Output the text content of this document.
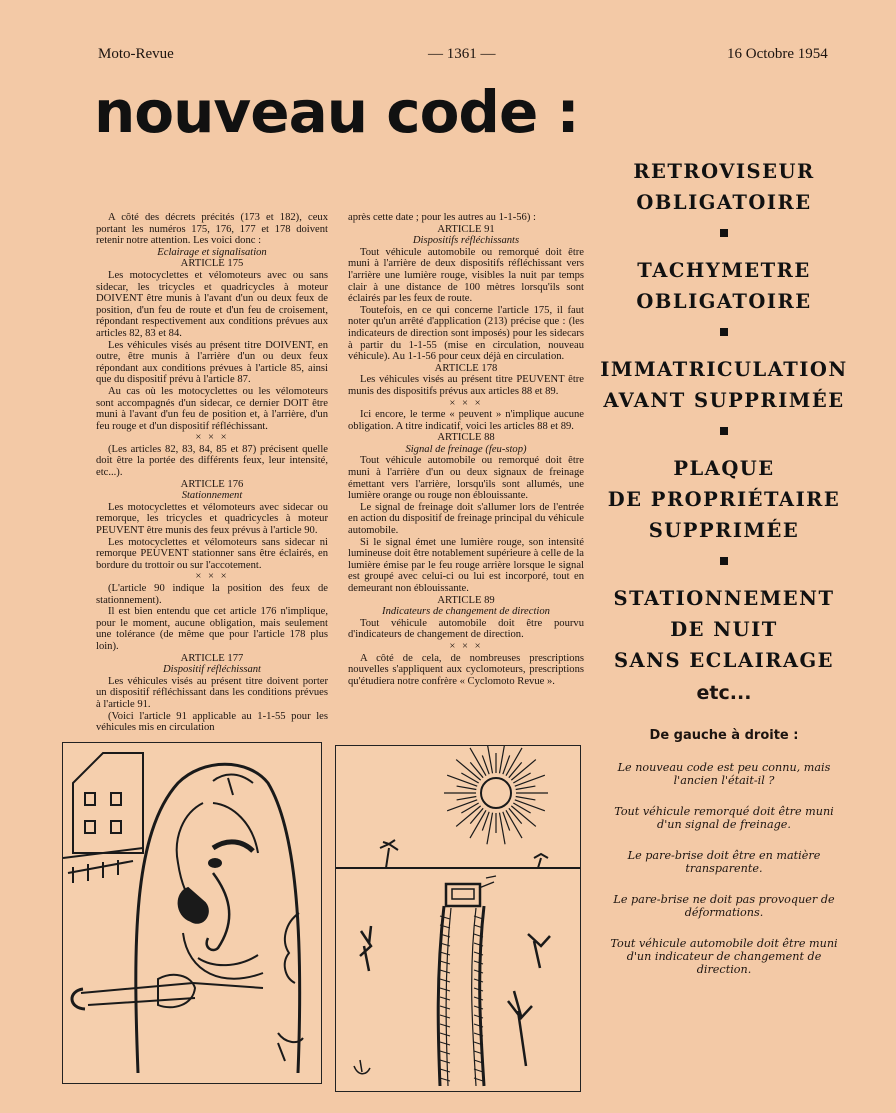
Moto-Revue	— 1361 —	16 Octobre 1954
nouveau code :

A côté des décrets précités (173 et 182), ceux portant les numéros 175, 176, 177 et 178 doivent retenir notre attention. Les voici donc :

Eclairage et signalisation

ARTICLE 175

Les motocyclettes et vélomoteurs avec ou sans sidecar, les tricycles et quadricycles à moteur DOIVENT être munis à l'avant d'un ou deux feux de position, d'un feu de route et d'un feu de croisement, répondant respectivement aux conditions prévues aux articles 82, 83 et 84.

Les véhicules visés au présent titre DOIVENT, en outre, être munis à l'arrière d'un ou deux feux répondant aux conditions prévues à l'article 85, ainsi que du dispositif prévu à l'article 87.

Au cas où les motocyclettes ou les vélomoteurs sont accompagnés d'un sidecar, ce dernier DOIT être muni à l'avant d'un feu de position et, à l'arrière, d'un feu rouge et d'un dispositif réfléchissant.

× × ×

(Les articles 82, 83, 84, 85 et 87) précisent quelle doit être la portée des différents feux, leur intensité, etc...).

ARTICLE 176

Stationnement

Les motocyclettes et vélomoteurs avec sidecar ou remorque, les tricycles et quadricycles à moteur PEUVENT être munis des feux prévus à l'article 90.

Les motocyclettes et vélomoteurs sans sidecar ni remorque PEUVENT stationner sans être éclairés, en bordure du trottoir ou sur l'accotement.

× × ×

(L'article 90 indique la position des feux de stationnement).

Il est bien entendu que cet article 176 n'implique, pour le moment, aucune obligation, mais seulement une tolérance (de même que pour l'article 178 plus loin).

ARTICLE 177

Dispositif réfléchissant

Les véhicules visés au présent titre doivent porter un dispositif réfléchissant dans les conditions prévues à l'article 91.

(Voici l'article 91 applicable au 1-1-55 pour les véhicules mis en circulation

après cette date ; pour les autres au 1-1-56) :

ARTICLE 91

Dispositifs réfléchissants

Tout véhicule automobile ou remorqué doit être muni à l'arrière de deux dispositifs réfléchissant vers l'arrière une lumière rouge, visibles la nuit par temps clair à une distance de 100 mètres lorsqu'ils sont éclairés par les feux de route.

Toutefois, en ce qui concerne l'article 175, il faut noter qu'un arrêté d'application (213) précise que : (les indicateurs de direction sont imposés) pour les sidecars à partir du 1-1-55 (mise en circulation, nouveau véhicule). Au 1-1-56 pour ceux déjà en circulation.

ARTICLE 178

Les véhicules visés au présent titre PEUVENT être munis des dispositifs prévus aux articles 88 et 89.

× × ×

Ici encore, le terme « peuvent » n'implique aucune obligation. A titre indicatif, voici les articles 88 et 89.

ARTICLE 88

Signal de freinage (feu-stop)

Tout véhicule automobile ou remorqué doit être muni à l'arrière d'un ou deux signaux de freinage émettant vers l'arrière, lorsqu'ils sont allumés, une lumière orange ou rouge non éblouissante.

Le signal de freinage doit s'allumer lors de l'entrée en action du dispositif de freinage principal du véhicule automobile.

Si le signal émet une lumière rouge, son intensité lumineuse doit être notablement supérieure à celle de la lumière émise par le feu rouge arrière lorsque le signal est groupé avec celui-ci ou lui est incorporé, tout en demeurant non éblouissante.

ARTICLE 89

Indicateurs de changement de direction

Tout véhicule automobile doit être pourvu d'indicateurs de changement de direction.

× × ×

A côté de cela, de nombreuses prescriptions nouvelles s'appliquent aux cyclomoteurs, prescriptions qu'étudiera notre confrère « Cyclomoto Revue ».

RETROVISEUR
OBLIGATOIRE
TACHYMETRE
OBLIGATOIRE
IMMATRICULATION
AVANT SUPPRIMÉE
PLAQUE
DE PROPRIÉTAIRE
SUPPRIMÉE
STATIONNEMENT
DE NUIT
SANS ECLAIRAGE
etc...
De gauche à droite :
Le nouveau code est peu connu, mais l'ancien l'était-il ?
Tout véhicule remorqué doit être muni d'un signal de freinage.
Le pare-brise doit être en matière transparente.
Le pare-brise ne doit pas provoquer de déformations.
Tout véhicule automobile doit être muni d'un indicateur de changement de direction.
